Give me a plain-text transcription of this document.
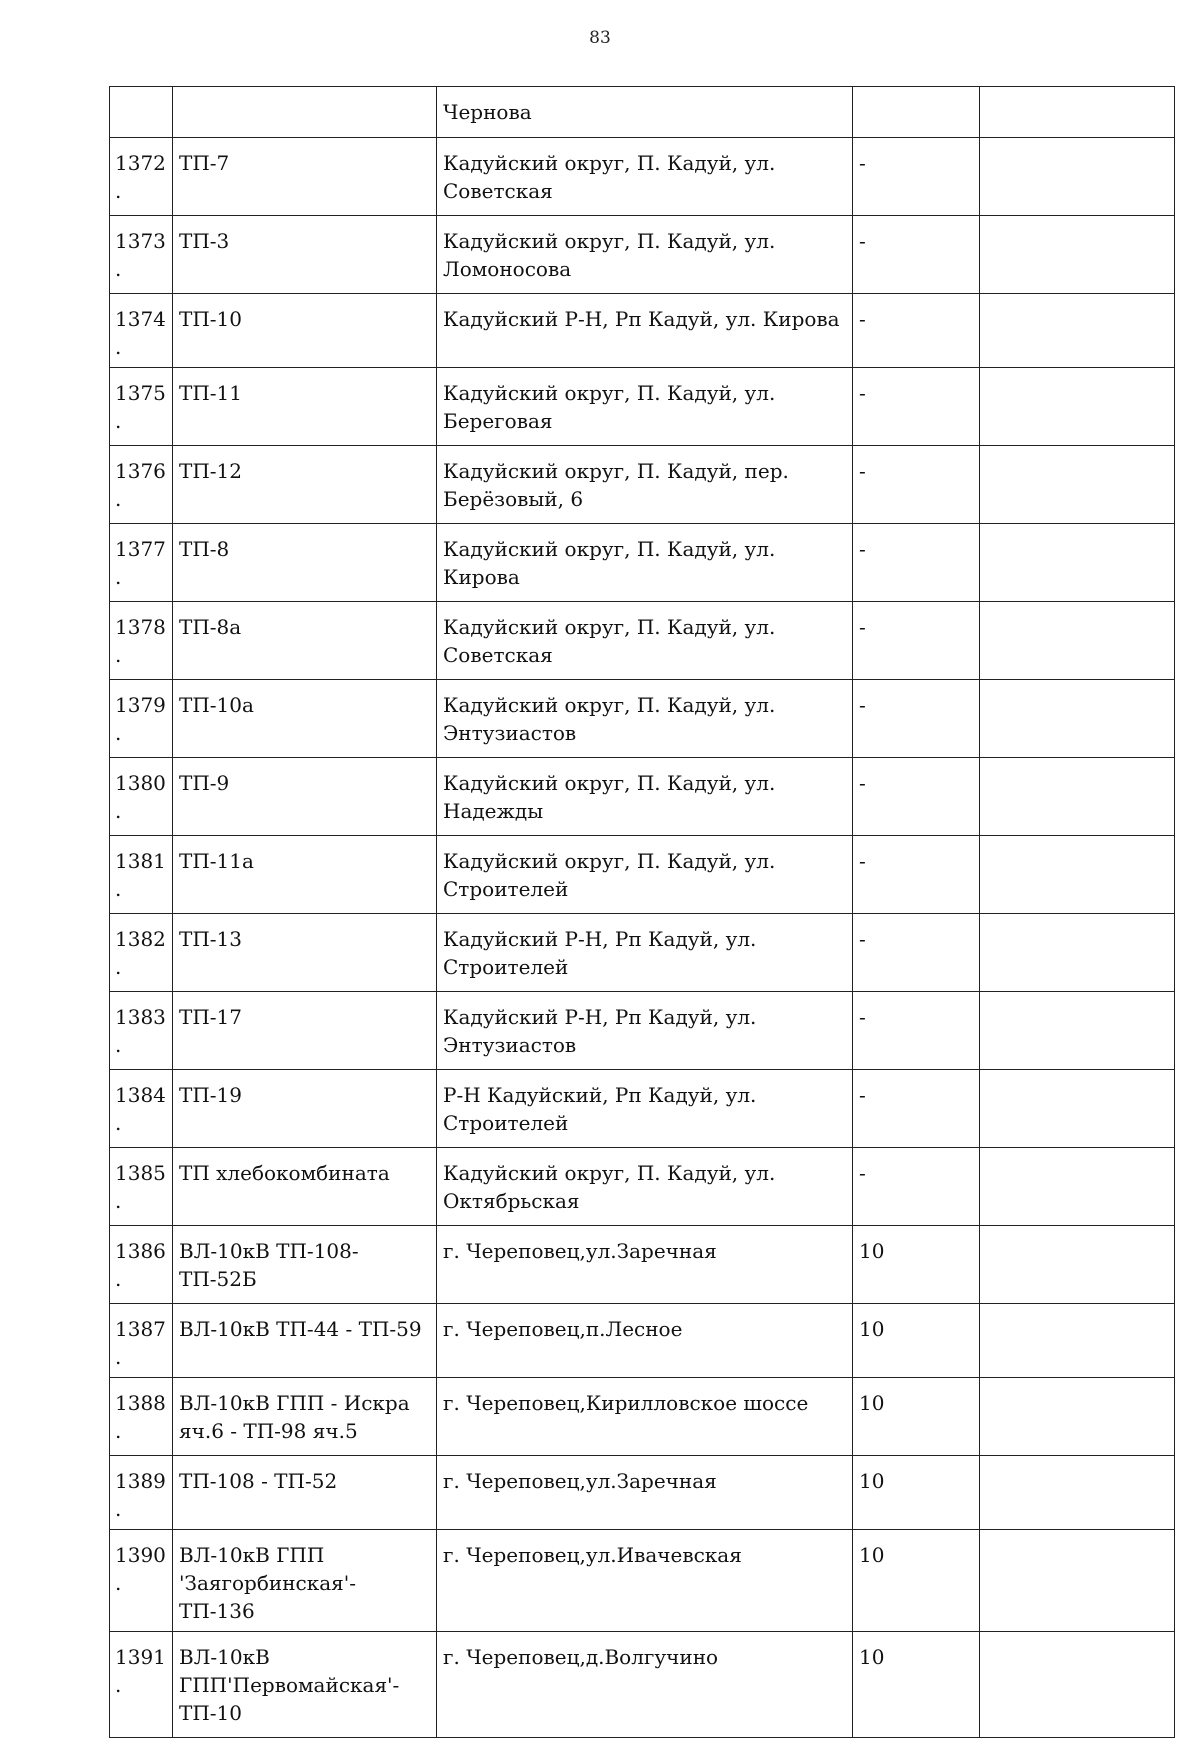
83
		Чернова		
1372.	ТП-7	Кадуйский округ, П. Кадуй, ул. Советская	-	
1373.	ТП-3	Кадуйский округ, П. Кадуй, ул. Ломоносова	-	
1374.	ТП-10	Кадуйский Р-Н, Рп Кадуй, ул. Кирова	-	
1375.	ТП-11	Кадуйский округ, П. Кадуй, ул. Береговая	-	
1376.	ТП-12	Кадуйский округ, П. Кадуй, пер. Берёзовый, 6	-	
1377.	ТП-8	Кадуйский округ, П. Кадуй, ул. Кирова	-	
1378.	ТП-8а	Кадуйский округ, П. Кадуй, ул. Советская	-	
1379.	ТП-10а	Кадуйский округ, П. Кадуй, ул. Энтузиастов	-	
1380.	ТП-9	Кадуйский округ, П. Кадуй, ул. Надежды	-	
1381.	ТП-11а	Кадуйский округ, П. Кадуй, ул. Строителей	-	
1382.	ТП-13	Кадуйский Р-Н, Рп Кадуй, ул. Строителей	-	
1383.	ТП-17	Кадуйский Р-Н, Рп Кадуй, ул. Энтузиастов	-	
1384.	ТП-19	Р-Н Кадуйский, Рп Кадуй, ул. Строителей	-	
1385.	ТП хлебокомбината	Кадуйский округ, П. Кадуй, ул. Октябрьская	-	
1386.	ВЛ-10кВ ТП-108- ТП-52Б	г. Череповец,ул.Заречная	10	
1387.	ВЛ-10кВ ТП-44 - ТП-59	г. Череповец,п.Лесное	10	
1388.	ВЛ-10кВ ГПП - Искра яч.6 - ТП-98 яч.5	г. Череповец,Кирилловское шоссе	10	
1389.	ТП-108 - ТП-52	г. Череповец,ул.Заречная	10	
1390.	ВЛ-10кВ ГПП 'Заягорбинская'-ТП-136	г. Череповец,ул.Ивачевская	10	
1391.	ВЛ-10кВ ГПП'Первомайская'-ТП-10	г. Череповец,д.Волгучино	10	
